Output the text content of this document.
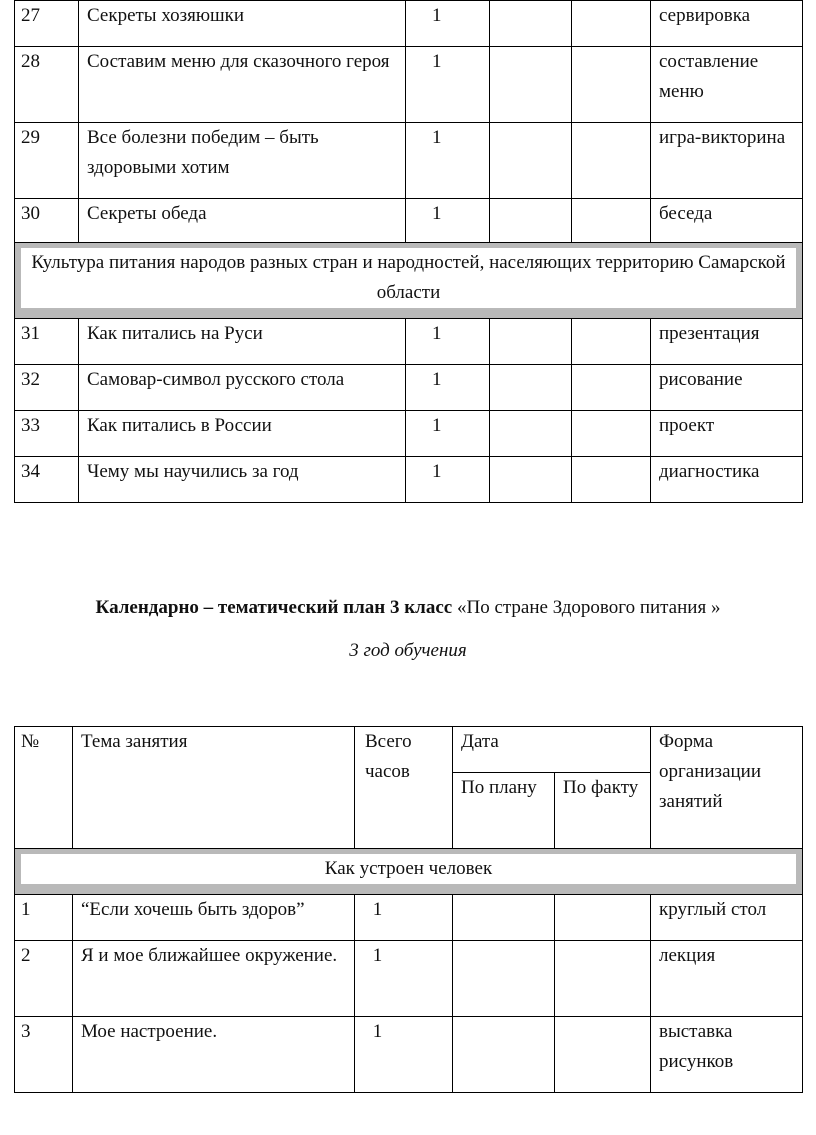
27	Секреты хозяюшки	1			сервировка
28	Составим меню для сказочного героя	1			составление меню
29	Все болезни победим – быть здоровыми хотим	1			игра-викторина
30	Секреты обеда	1			беседа

Культура питания народов разных стран и народностей, населяющих территорию Самарской области					

31	Как питались на Руси	1			презентация
32	Самовар-символ русского стола	1			рисование
33	Как питались в России	1			проект
34	Чему мы научились за год	1			диагностика
Календарно – тематический план 3 класс «По стране Здорового питания »
3 год обучения
№	Тема занятия	Всего часов	Дата		Форма организации занятий
			По плану	По факту	

Как устроен человек					

1	“Если хочешь быть здоров”	1			круглый стол
2	Я и мое ближайшее окружение.	1			лекция
3	Мое настроение.	1			выставка рисунков
